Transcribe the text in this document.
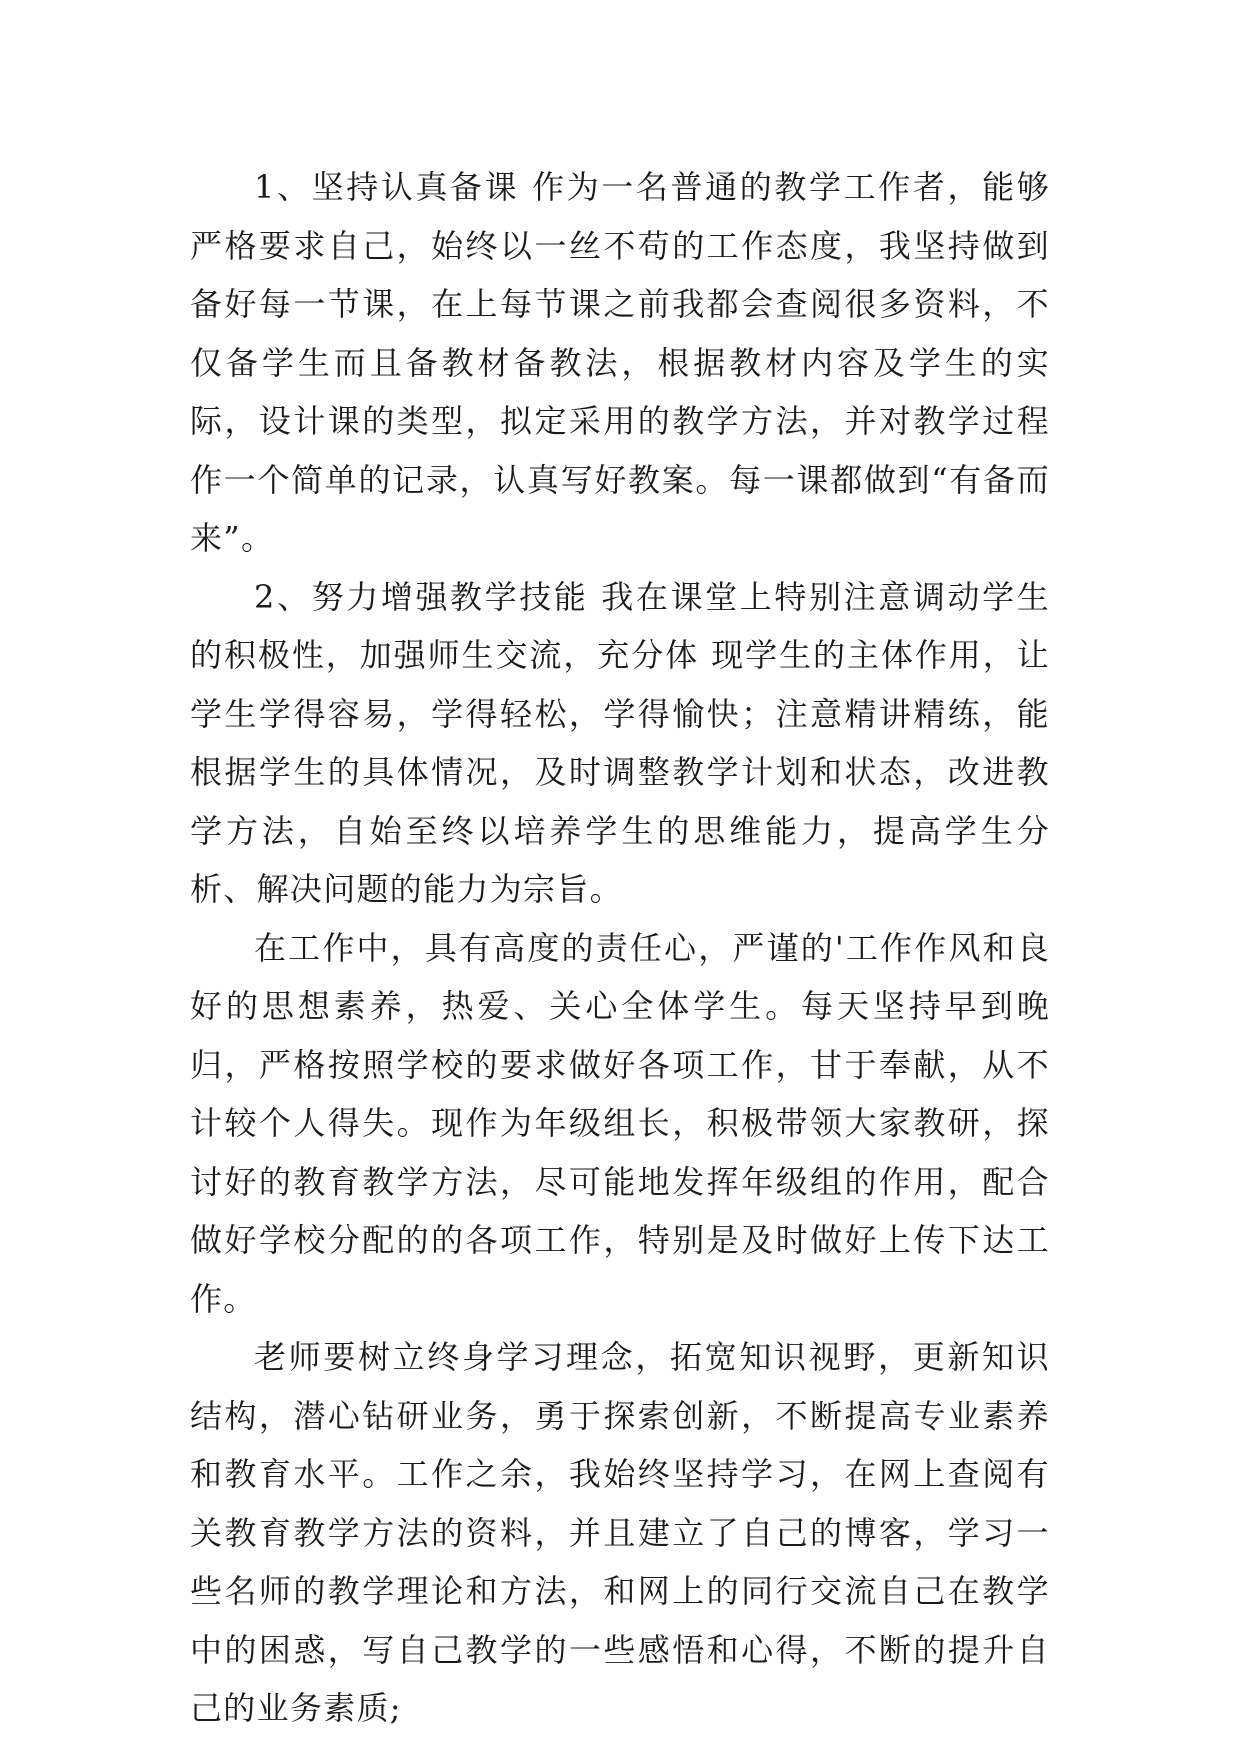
1、坚持认真备课 作为一名普通的教学工作者，能够严格要求自己，始终以一丝不苟的工作态度，我坚持做到备好每一节课，在上每节课之前我都会查阅很多资料，不仅备学生而且备教材备教法，根据教材内容及学生的实际，设计课的类型，拟定采用的教学方法，并对教学过程作一个简单的记录，认真写好教案。每一课都做到“有备而来”。

2、努力增强教学技能 我在课堂上特别注意调动学生的积极性，加强师生交流，充分体 现学生的主体作用，让学生学得容易，学得轻松，学得愉快；注意精讲精练，能根据学生的具体情况，及时调整教学计划和状态，改进教学方法，自始至终以培养学生的思维能力，提高学生分析、解决问题的能力为宗旨。

在工作中，具有高度的责任心，严谨的'工作作风和良好的思想素养，热爱、关心全体学生。每天坚持早到晚归，严格按照学校的要求做好各项工作，甘于奉献，从不计较个人得失。现作为年级组长，积极带领大家教研，探讨好的教育教学方法，尽可能地发挥年级组的作用，配合做好学校分配的的各项工作，特别是及时做好上传下达工作。

老师要树立终身学习理念，拓宽知识视野，更新知识结构，潜心钻研业务，勇于探索创新，不断提高专业素养和教育水平。工作之余，我始终坚持学习，在网上查阅有关教育教学方法的资料，并且建立了自己的博客，学习一些名师的教学理论和方法，和网上的同行交流自己在教学中的困惑，写自己教学的一些感悟和心得，不断的提升自己的业务素质;
